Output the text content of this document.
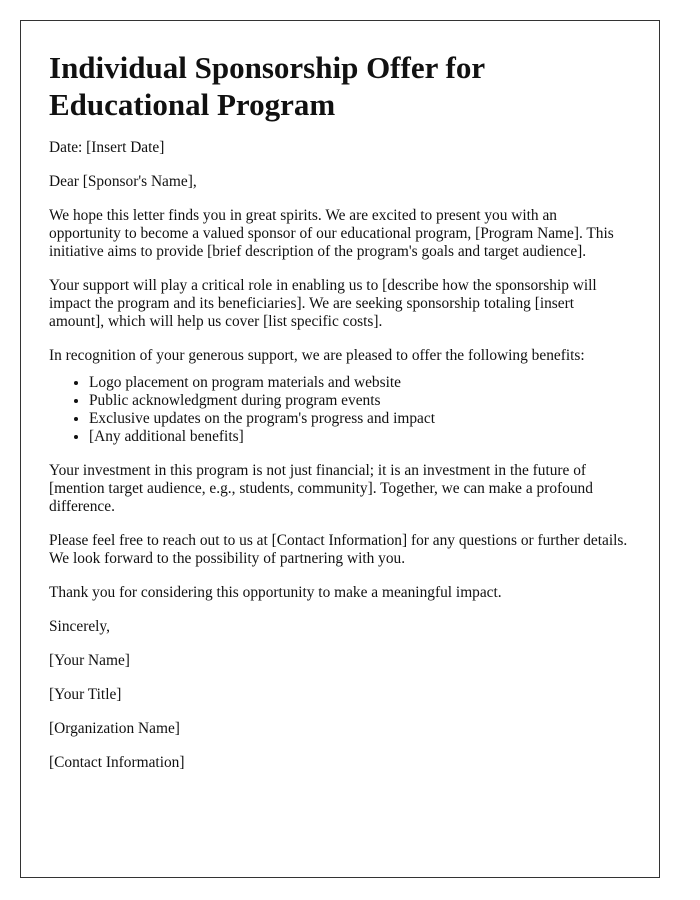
Individual Sponsorship Offer for Educational Program

Date: [Insert Date]

Dear [Sponsor's Name],

We hope this letter finds you in great spirits. We are excited to present you with an opportunity to become a valued sponsor of our educational program, [Program Name]. This initiative aims to provide [brief description of the program's goals and target audience].

Your support will play a critical role in enabling us to [describe how the sponsorship will impact the program and its beneficiaries]. We are seeking sponsorship totaling [insert amount], which will help us cover [list specific costs].

In recognition of your generous support, we are pleased to offer the following benefits:

• Logo placement on program materials and website
• Public acknowledgment during program events
• Exclusive updates on the program's progress and impact
• [Any additional benefits]

Your investment in this program is not just financial; it is an investment in the future of [mention target audience, e.g., students, community]. Together, we can make a profound difference.

Please feel free to reach out to us at [Contact Information] for any questions or further details. We look forward to the possibility of partnering with you.

Thank you for considering this opportunity to make a meaningful impact.

Sincerely,

[Your Name]

[Your Title]

[Organization Name]

[Contact Information]
